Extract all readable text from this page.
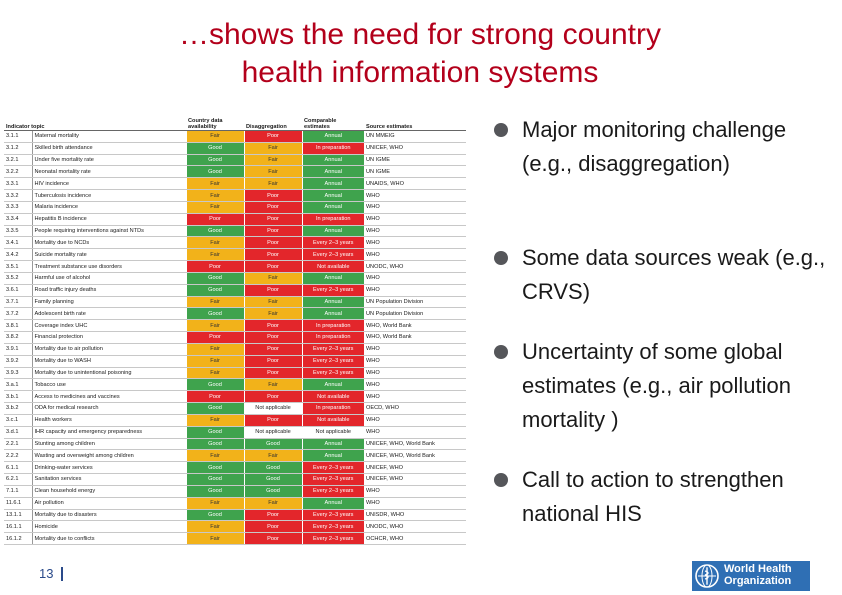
…shows the need for strong country
health information systems
Indicator topic		Country data availability	Disaggregation	Comparable estimates	Source estimates
3.1.1	Maternal mortality	Fair	Poor	Annual	UN MMEIG
3.1.2	Skilled birth attendance	Good	Fair	In preparation	UNICEF, WHO
3.2.1	Under five mortality rate	Good	Fair	Annual	UN IGME
3.2.2	Neonatal mortality rate	Good	Fair	Annual	UN IGME
3.3.1	HIV incidence	Fair	Fair	Annual	UNAIDS, WHO
3.3.2	Tuberculosis incidence	Fair	Poor	Annual	WHO
3.3.3	Malaria incidence	Fair	Poor	Annual	WHO
3.3.4	Hepatitis B incidence	Poor	Poor	In preparation	WHO
3.3.5	People requiring interventions against NTDs	Good	Poor	Annual	WHO
3.4.1	Mortality due to NCDs	Fair	Poor	Every 2–3 years	WHO
3.4.2	Suicide mortality rate	Fair	Poor	Every 2–3 years	WHO
3.5.1	Treatment substance use disorders	Poor	Poor	Not available	UNODC, WHO
3.5.2	Harmful use of alcohol	Good	Fair	Annual	WHO
3.6.1	Road traffic injury deaths	Good	Poor	Every 2–3 years	WHO
3.7.1	Family planning	Fair	Fair	Annual	UN Population Division
3.7.2	Adolescent birth rate	Good	Fair	Annual	UN Population Division
3.8.1	Coverage index UHC	Fair	Poor	In preparation	WHO, World Bank
3.8.2	Financial protection	Poor	Poor	In preparation	WHO, World Bank
3.9.1	Mortality due to air pollution	Fair	Poor	Every 2–3 years	WHO
3.9.2	Mortality due to WASH	Fair	Poor	Every 2–3 years	WHO
3.9.3	Mortality due to unintentional poisoning	Fair	Poor	Every 2–3 years	WHO
3.a.1	Tobacco use	Good	Fair	Annual	WHO
3.b.1	Access to medicines and vaccines	Poor	Poor	Not available	WHO
3.b.2	ODA for medical research	Good	Not applicable	In preparation	OECD, WHO
3.c.1	Health workers	Fair	Poor	Not available	WHO
3.d.1	IHR capacity and emergency preparedness	Good	Not applicable	Not applicable	WHO
2.2.1	Stunting among children	Good	Good	Annual	UNICEF, WHO, World Bank
2.2.2	Wasting and overweight among children	Fair	Fair	Annual	UNICEF, WHO, World Bank
6.1.1	Drinking-water services	Good	Good	Every 2–3 years	UNICEF, WHO
6.2.1	Sanitation services	Good	Good	Every 2–3 years	UNICEF, WHO
7.1.1	Clean household energy	Good	Good	Every 2–3 years	WHO
11.6.1	Air pollution	Fair	Fair	Annual	WHO
13.1.1	Mortality due to disasters	Good	Poor	Every 2–3 years	UNISDR, WHO
16.1.1	Homicide	Fair	Poor	Every 2–3 years	UNODC, WHO
16.1.2	Mortality due to conflicts	Fair	Poor	Every 2–3 years	OCHCR, WHO
Major monitoring challenge (e.g., disaggregation)
Some data sources weak (e.g., CRVS)
Uncertainty of some global estimates (e.g., air pollution mortality )
Call to action to strengthen national HIS
13	World Health
Organization
